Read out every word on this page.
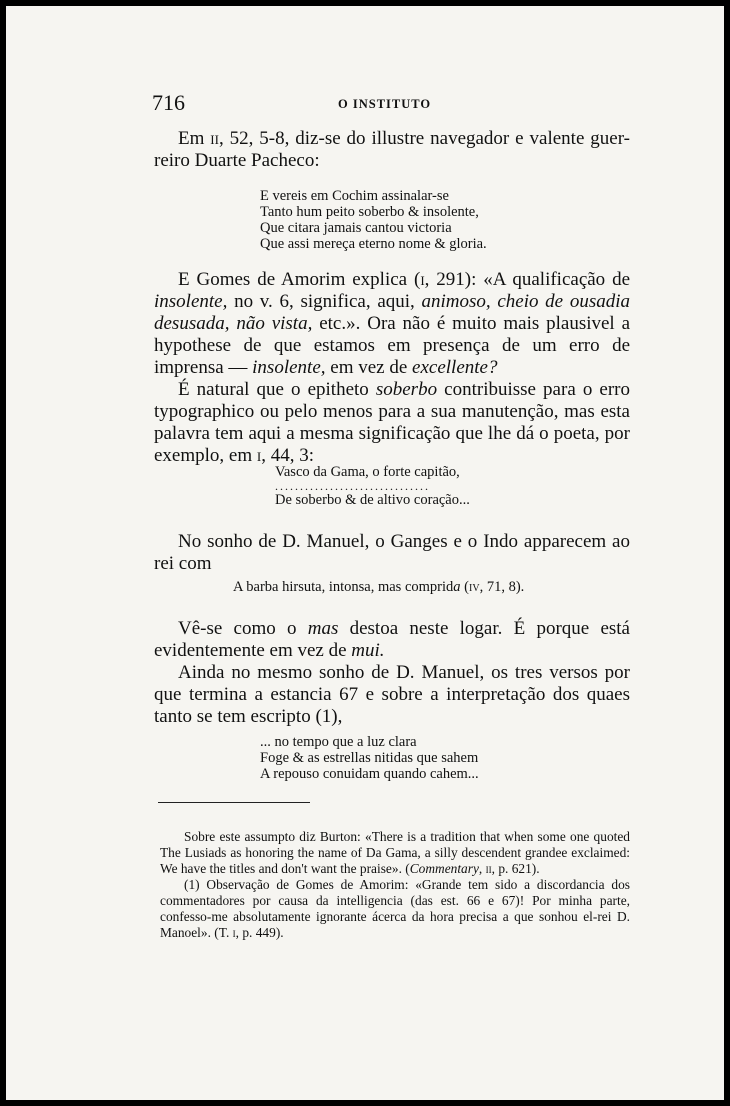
716	O INSTITUTO

Em ii, 52, 5-8, diz-se do illustre navegador e valente guer-reiro Duarte Pacheco:

E vereis em Cochim assinalar-se
Tanto hum peito soberbo & insolente,
Que citara jamais cantou victoria
Que assi mereça eterno nome & gloria.

E Gomes de Amorim explica (i, 291): «A qualificação de insolente, no v. 6, significa, aqui, animoso, cheio de ousadia desusada, não vista, etc.». Ora não é muito mais plausivel a hypothese de que estamos em presença de um erro de imprensa — insolente, em vez de excellente?

É natural que o epitheto soberbo contribuisse para o erro typographico ou pelo menos para a sua manutenção, mas esta palavra tem aqui a mesma significação que lhe dá o poeta, por exemplo, em i, 44, 3:

Vasco da Gama, o forte capitão,
...............................
De soberbo & de altivo coração...

No sonho de D. Manuel, o Ganges e o Indo apparecem ao rei com

A barba hirsuta, intonsa, mas comprida (iv, 71, 8).

Vê-se como o mas destoa neste logar. É porque está evidentemente em vez de mui.

Ainda no mesmo sonho de D. Manuel, os tres versos por que termina a estancia 67 e sobre a interpretação dos quaes tanto se tem escripto (1),

... no tempo que a luz clara
Foge & as estrellas nitidas que sahem
A repouso conuidam quando cahem...

Sobre este assumpto diz Burton: «There is a tradition that when some one quoted The Lusiads as honoring the name of Da Gama, a silly descendent grandee exclaimed: We have the titles and don't want the praise». (Commentary, ii, p. 621).

(1) Observação de Gomes de Amorim: «Grande tem sido a discordancia dos commentadores por causa da intelligencia (das est. 66 e 67)! Por minha parte, confesso-me absolutamente ignorante ácerca da hora precisa a que sonhou el-rei D. Manoel». (T. i, p. 449).
